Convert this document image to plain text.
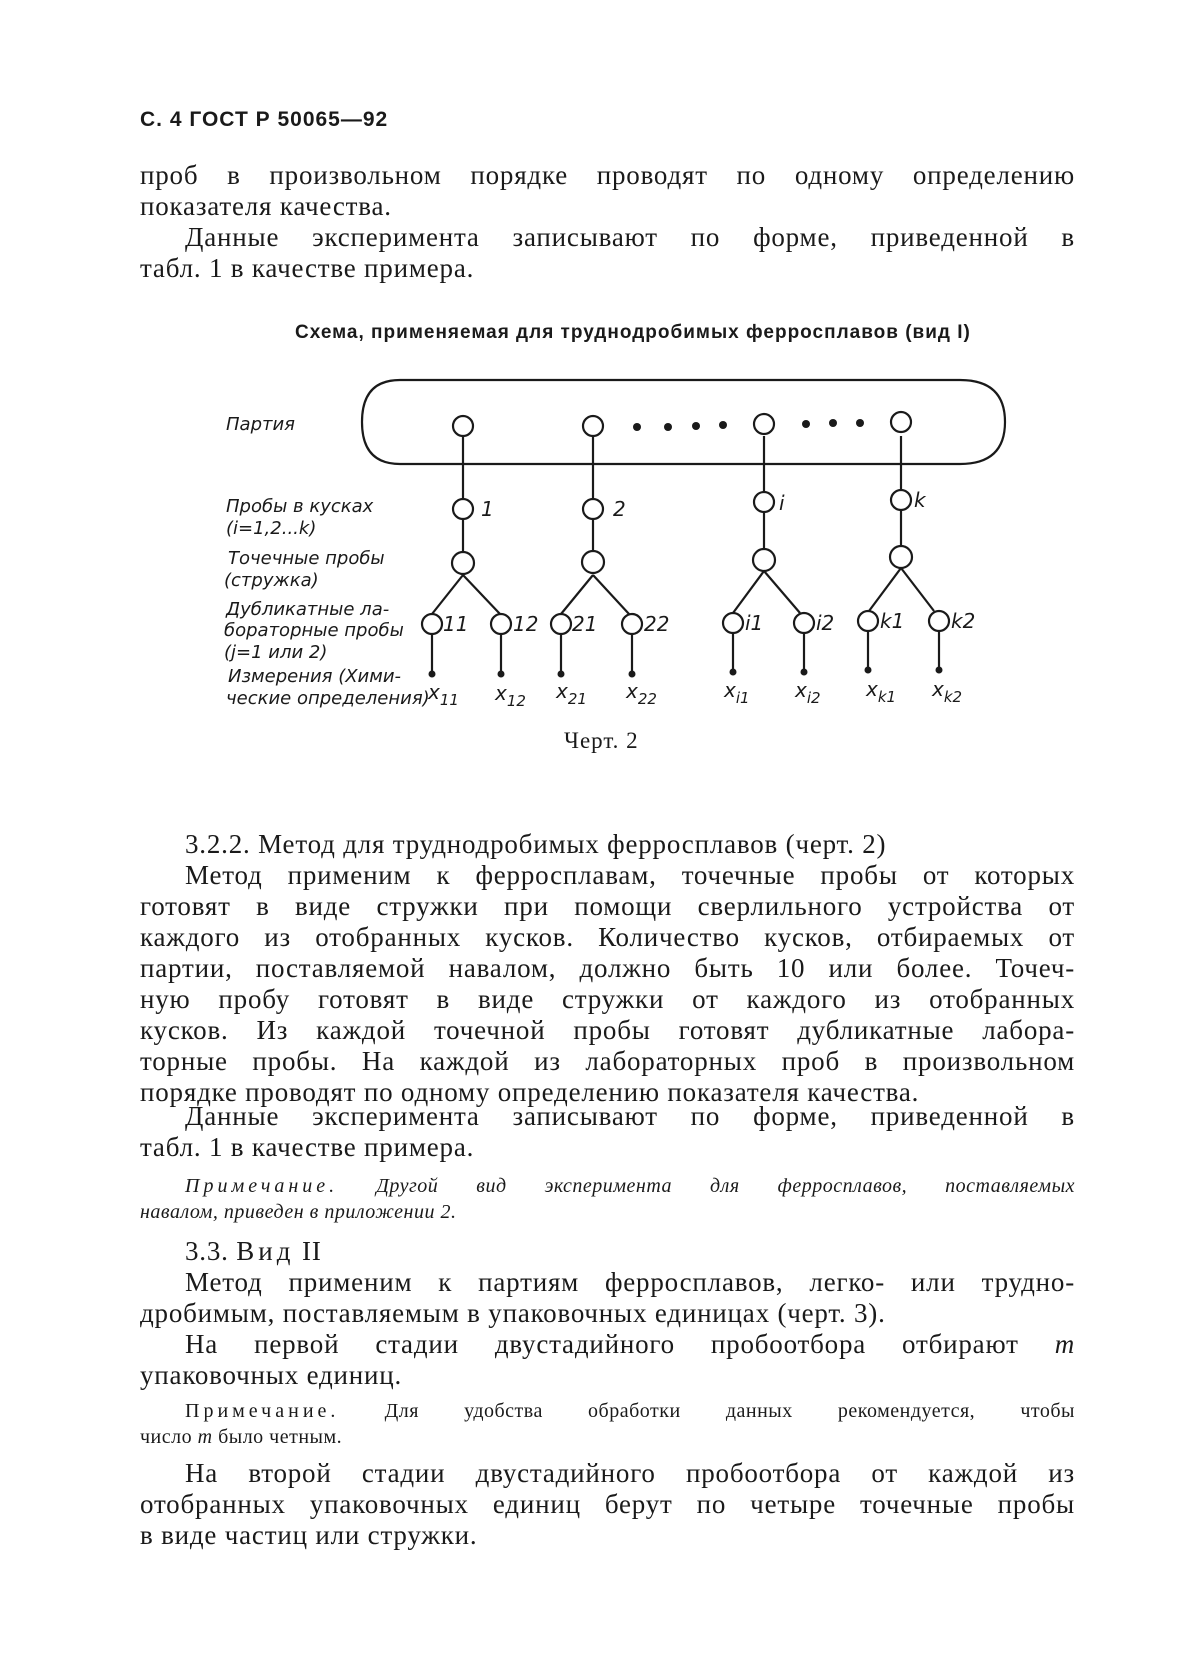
С. 4 ГОСТ Р 50065—92
проб в произвольном порядке проводят по одному определению
показателя качества.
Данные эксперимента записывают по форме, приведенной в
табл. 1 в качестве примера.
Схема, применяемая для труднодробимых ферросплавов (вид I)
Партия
Пробы в кусках
(i=1,2...k)
Точечные пробы
(стружка)
Дубликатные ла-
бораторные пробы
(j=1 или 2)
Измерения (Хими-
ческие определения)
1	2	i	k
11 12 21 22	i1	i2 k1 k2
$x_{11}$ $x_{12}$ $x_{21}$ $x_{22}$	$x_{i1}$ $x_{i2}$ $x_{k1}$ $x_{k2}$
Черт. 2
3.2.2. Метод для труднодробимых ферросплавов (черт. 2)
Метод применим к ферросплавам, точечные пробы от которых
готовят в виде стружки при помощи сверлильного устройства от
каждого из отобранных кусков. Количество кусков, отбираемых от
партии, поставляемой навалом, должно быть 10 или более. Точеч-
ную пробу готовят в виде стружки от каждого из отобранных
кусков. Из каждой точечной пробы готовят дубликатные лабора-
торные пробы. На каждой из лабораторных проб в произвольном
порядке проводят по одному определению показателя качества.
Данные эксперимента записывают по форме, приведенной в
табл. 1 в качестве примера.
Примечание. Другой вид эксперимента для ферросплавов, поставляемых
навалом, приведен в приложении 2.
3.3. Вид II
Метод применим к партиям ферросплавов, легко- или трудно-
дробимым, поставляемым в упаковочных единицах (черт. 3).
На первой стадии двустадийного пробоотбора отбирают m
упаковочных единиц.
Примечание. Для удобства обработки данных рекомендуется, чтобы
число m было четным.
На второй стадии двустадийного пробоотбора от каждой из
отобранных упаковочных единиц берут по четыре точечные пробы
в виде частиц или стружки.
